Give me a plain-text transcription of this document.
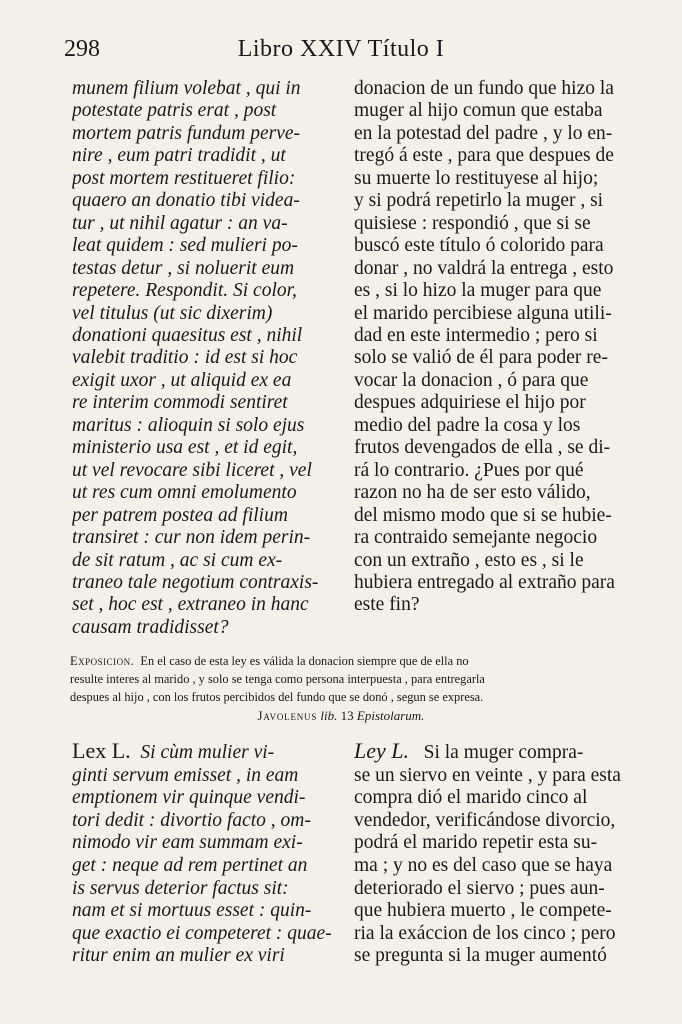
298	Libro XXIV Título I
munem filium volebat , qui in
potestate patris erat , post
mortem patris fundum perve-
nire , eum patri tradidit , ut
post mortem restitueret filio:
quaero an donatio tibi videa-
tur , ut nihil agatur : an va-
leat quidem : sed mulieri po-
testas detur , si noluerit eum
repetere. Respondit. Si color,
vel titulus (ut sic dixerim)
donationi quaesitus est , nihil
valebit traditio : id est si hoc
exigit uxor , ut aliquid ex ea
re interim commodi sentiret
maritus : alioquin si solo ejus
ministerio usa est , et id egit,
ut vel revocare sibi liceret , vel
ut res cum omni emolumento
per patrem postea ad filium
transiret : cur non idem perin-
de sit ratum , ac si cum ex-
traneo tale negotium contraxis-
set , hoc est , extraneo in hanc
causam tradidisset?
donacion de un fundo que hizo la
muger al hijo comun que estaba
en la potestad del padre , y lo en-
tregó á este , para que despues de
su muerte lo restituyese al hijo;
y si podrá repetirlo la muger , si
quisiese : respondió , que si se
buscó este título ó colorido para
donar , no valdrá la entrega , esto
es , si lo hizo la muger para que
el marido percibiese alguna utili-
dad en este intermedio ; pero si
solo se valió de él para poder re-
vocar la donacion , ó para que
despues adquiriese el hijo por
medio del padre la cosa y los
frutos devengados de ella , se di-
rá lo contrario. ¿Pues por qué
razon no ha de ser esto válido,
del mismo modo que si se hubie-
ra contraido semejante negocio
con un extraño , esto es , si le
hubiera entregado al extraño para
este fin?
Exposicion. En el caso de esta ley es válida la donacion siempre que de ella no
resulte interes al marido , y solo se tenga como persona interpuesta , para entregarla
despues al hijo , con los frutos percibidos del fundo que se donó , segun se expresa.
Javolenus lib. 13 Epistolarum.
Lex L. Si cùm mulier vi-
ginti servum emisset , in eam
emptionem vir quinque vendi-
tori dedit : divortio facto , om-
nimodo vir eam summam exi-
get : neque ad rem pertinet an
is servus deterior factus sit:
nam et si mortuus esset : quin-
que exactio ei competeret : quae-
ritur enim an mulier ex viri
Ley L. Si la muger compra-
se un siervo en veinte , y para esta
compra dió el marido cinco al
vendedor, verificándose divorcio,
podrá el marido repetir esta su-
ma ; y no es del caso que se haya
deteriorado el siervo ; pues aun-
que hubiera muerto , le compete-
ria la exáccion de los cinco ; pero
se pregunta si la muger aumentó
